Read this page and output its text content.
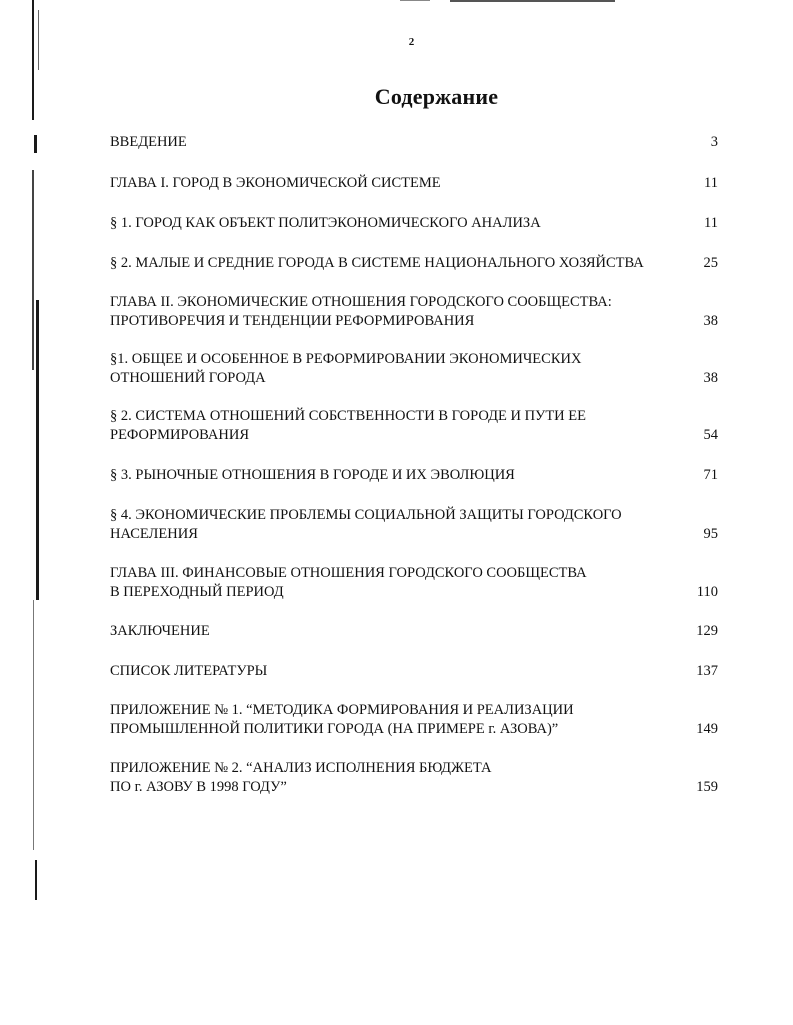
2
Содержание
ВВЕДЕНИЕ	3
ГЛАВА I. ГОРОД В ЭКОНОМИЧЕСКОЙ СИСТЕМЕ	11
§ 1. ГОРОД КАК ОБЪЕКТ ПОЛИТЭКОНОМИЧЕСКОГО АНАЛИЗА	11
§ 2. МАЛЫЕ И СРЕДНИЕ ГОРОДА В СИСТЕМЕ НАЦИОНАЛЬНОГО ХОЗЯЙСТВА	25
ГЛАВА II. ЭКОНОМИЧЕСКИЕ ОТНОШЕНИЯ ГОРОДСКОГО СООБЩЕСТВА:
ПРОТИВОРЕЧИЯ И ТЕНДЕНЦИИ РЕФОРМИРОВАНИЯ	38
§1. ОБЩЕЕ И ОСОБЕННОЕ В РЕФОРМИРОВАНИИ ЭКОНОМИЧЕСКИХ
ОТНОШЕНИЙ ГОРОДА	38
§ 2. СИСТЕМА ОТНОШЕНИЙ СОБСТВЕННОСТИ В ГОРОДЕ И ПУТИ ЕЕ
РЕФОРМИРОВАНИЯ	54
§ 3. РЫНОЧНЫЕ ОТНОШЕНИЯ В ГОРОДЕ И ИХ ЭВОЛЮЦИЯ	71
§ 4. ЭКОНОМИЧЕСКИЕ ПРОБЛЕМЫ СОЦИАЛЬНОЙ ЗАЩИТЫ ГОРОДСКОГО
НАСЕЛЕНИЯ	95
ГЛАВА III. ФИНАНСОВЫЕ ОТНОШЕНИЯ ГОРОДСКОГО СООБЩЕСТВА
В ПЕРЕХОДНЫЙ ПЕРИОД	110
ЗАКЛЮЧЕНИЕ	129
СПИСОК ЛИТЕРАТУРЫ	137
ПРИЛОЖЕНИЕ № 1. “МЕТОДИКА ФОРМИРОВАНИЯ И РЕАЛИЗАЦИИ
ПРОМЫШЛЕННОЙ ПОЛИТИКИ ГОРОДА (НА ПРИМЕРЕ г. АЗОВА)”	149
ПРИЛОЖЕНИЕ № 2. “АНАЛИЗ ИСПОЛНЕНИЯ БЮДЖЕТА
ПО г. АЗОВУ В 1998 ГОДУ”	159
